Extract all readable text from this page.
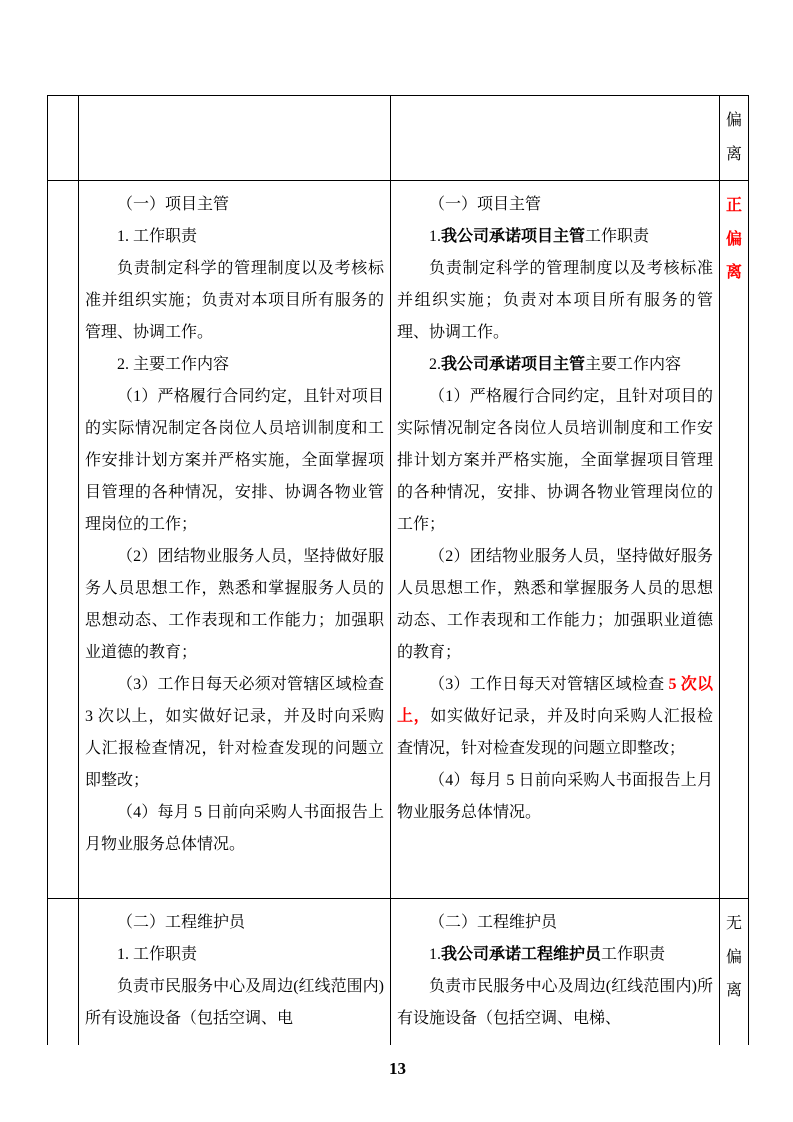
			偏离

（一）项目主管
1. 工作职责
负责制定科学的管理制度以及考核标准并组织实施；负责对本项目所有服务的管理、协调工作。
2. 主要工作内容
（1）严格履行合同约定，且针对项目的实际情况制定各岗位人员培训制度和工作安排计划方案并严格实施，全面掌握项目管理的各种情况，安排、协调各物业管理岗位的工作；
（2）团结物业服务人员，坚持做好服务人员思想工作，熟悉和掌握服务人员的思想动态、工作表现和工作能力；加强职业道德的教育；
（3）工作日每天必须对管辖区域检查 3 次以上，如实做好记录，并及时向采购人汇报检查情况，针对检查发现的问题立即整改；
（4）每月 5 日前向采购人书面报告上月物业服务总体情况。

（一）项目主管
1.我公司承诺项目主管工作职责
负责制定科学的管理制度以及考核标准并组织实施；负责对本项目所有服务的管理、协调工作。
2.我公司承诺项目主管主要工作内容
（1）严格履行合同约定，且针对项目的实际情况制定各岗位人员培训制度和工作安排计划方案并严格实施，全面掌握项目管理的各种情况，安排、协调各物业管理岗位的工作；
（2）团结物业服务人员，坚持做好服务人员思想工作，熟悉和掌握服务人员的思想动态、工作表现和工作能力；加强职业道德的教育；
（3）工作日每天对管辖区域检查 5 次以上，如实做好记录，并及时向采购人汇报检查情况，针对检查发现的问题立即整改；
（4）每月 5 日前向采购人书面报告上月物业服务总体情况。

正偏离

（二）工程维护员
1. 工作职责
负责市民服务中心及周边(红线范围内)所有设施设备（包括空调、电

（二）工程维护员
1.我公司承诺工程维护员工作职责
负责市民服务中心及周边(红线范围内)所有设施设备（包括空调、电梯、

无偏离
13
